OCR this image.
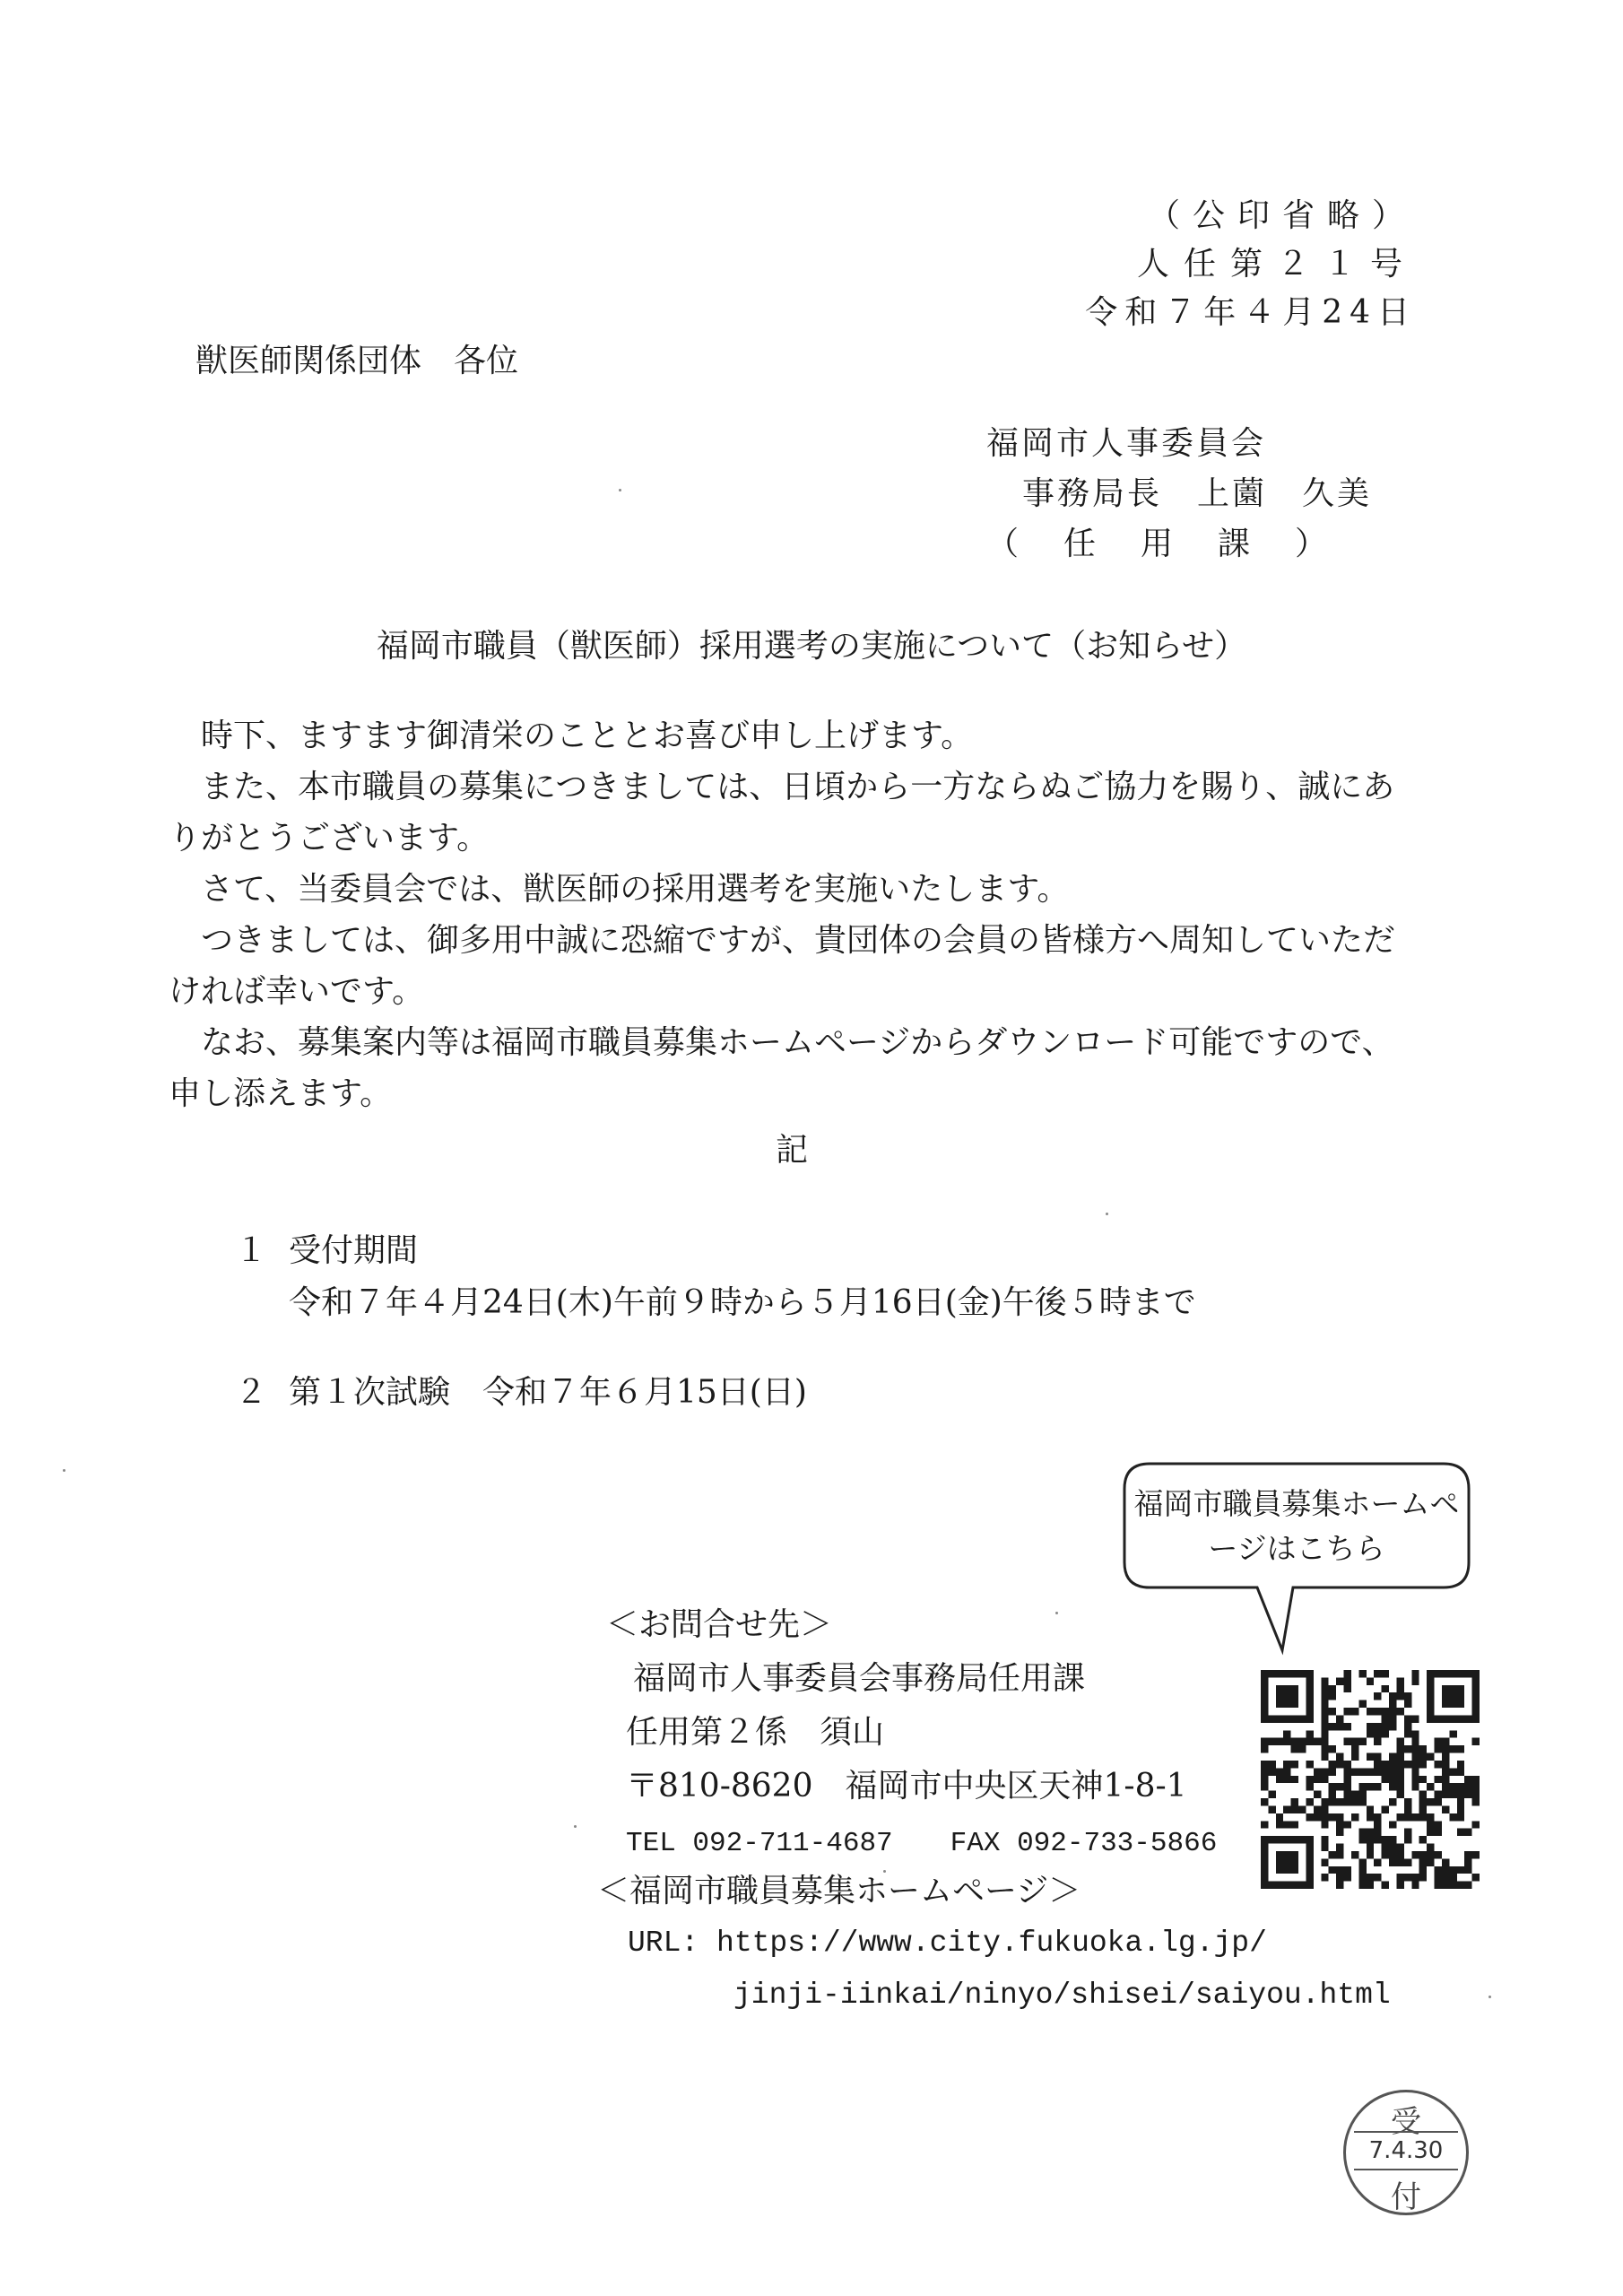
（公印省略）
人任第２１号
令和７年４月24日
獣医師関係団体　各位
福岡市人事委員会
事務局長　上薗　久美
（任用課）
福岡市職員（獣医師）採用選考の実施について（お知らせ）

　時下、ますます御清栄のこととお喜び申し上げます。

　また、本市職員の募集につきましては、日頃から一方ならぬご協力を賜り、誠にありがとうございます。

　さて、当委員会では、獣医師の採用選考を実施いたします。

　つきましては、御多用中誠に恐縮ですが、貴団体の会員の皆様方へ周知していただければ幸いです。

　なお、募集案内等は福岡市職員募集ホームページからダウンロード可能ですので、申し添えます。

記
１ 受付期間
令和７年４月24日(木)午前９時から５月16日(金)午後５時まで
２ 第１次試験　令和７年６月15日(日)
福岡市職員募集ホームページはこちら
＜お問合せ先＞
福岡市人事委員会事務局任用課
任用第２係　須山
〒810-8620　福岡市中央区天神1-8-1
TEL 092-711-4687 FAX 092-733-5866
＜福岡市職員募集ホームページ＞
URL: https://www.city.fukuoka.lg.jp/
jinji-iinkai/ninyo/shisei/saiyou.html
受
7.4.30
付
